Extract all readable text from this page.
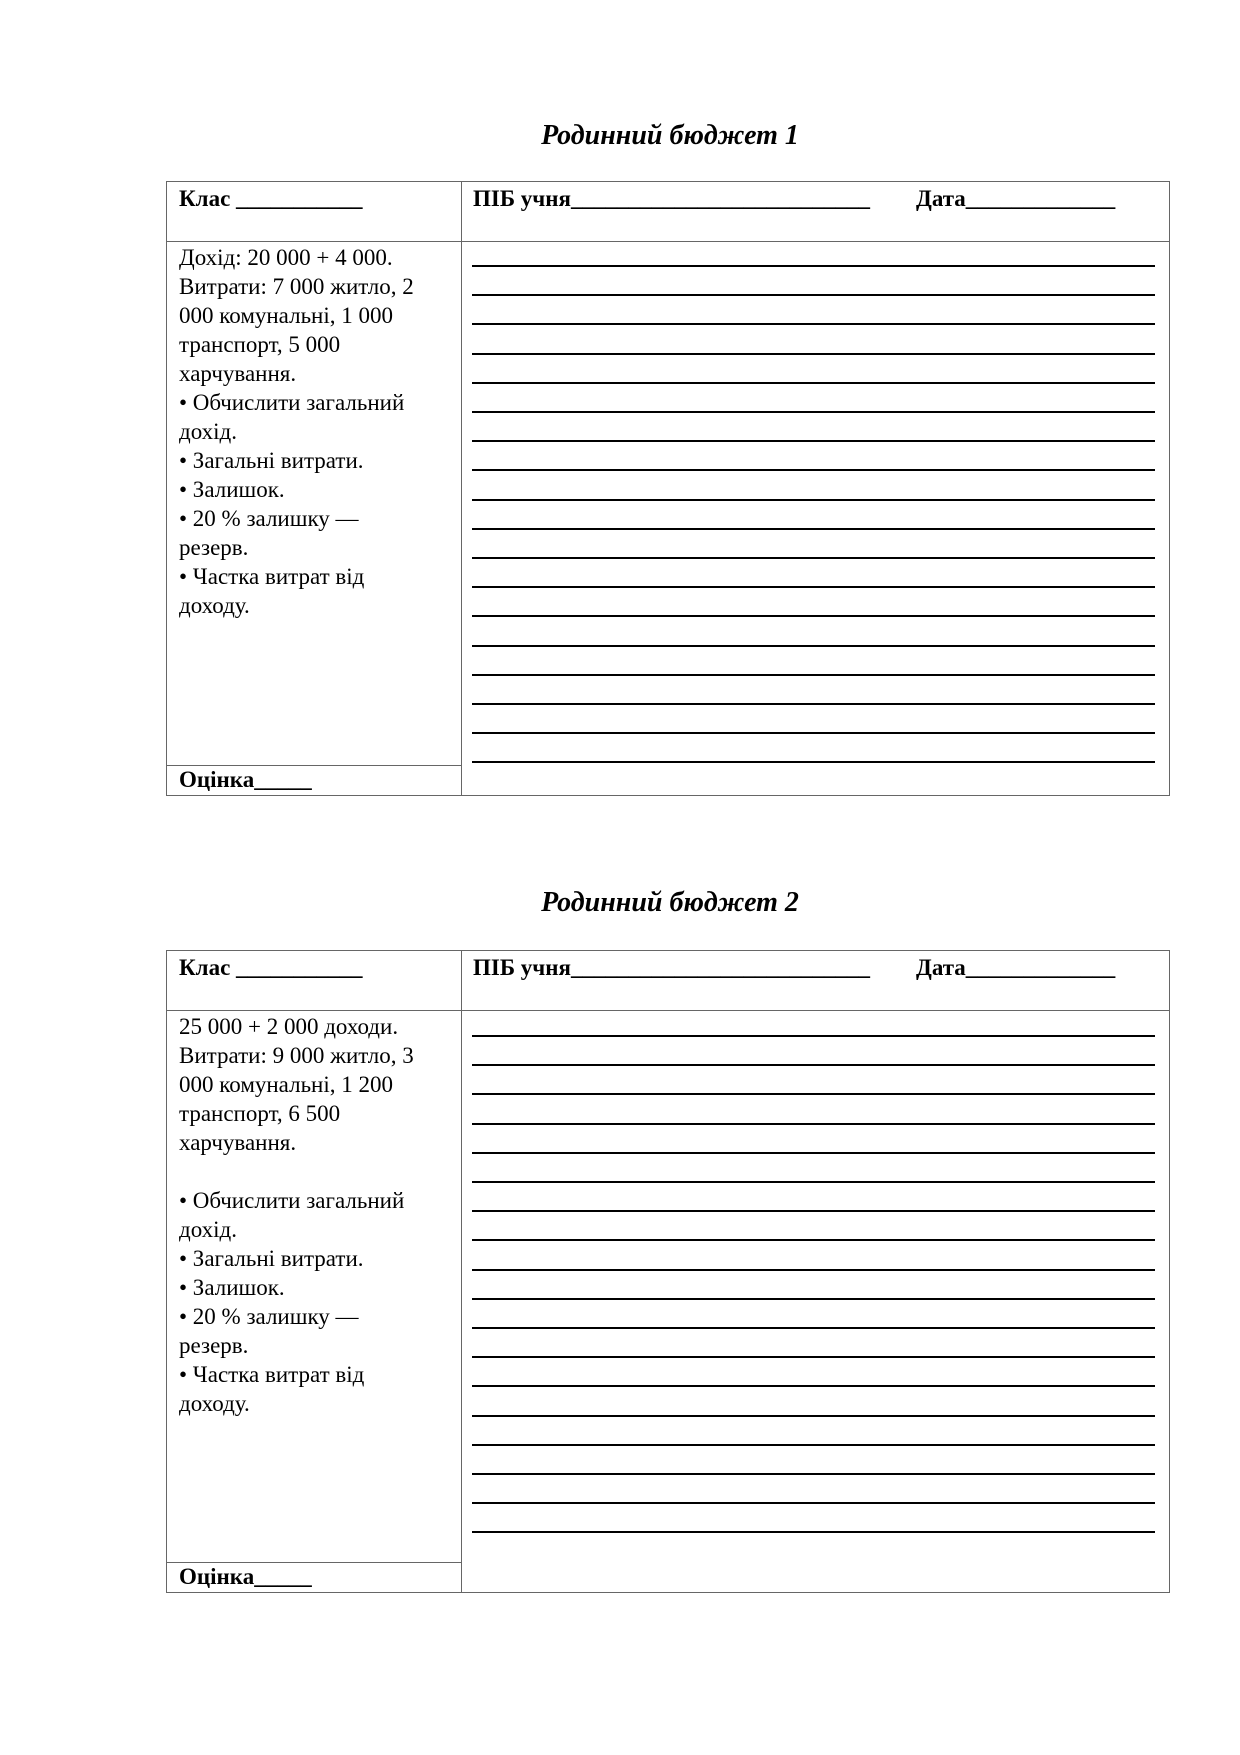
Родинний бюджет 1
Клас ___________	ПІБ учня__________________________ Дата_____________

Дохід: 20 000 + 4 000.

Витрати: 7 000 житло, 2

000 комунальні, 1 000

транспорт, 5 000

харчування.

• Обчислити загальний

дохід.

• Загальні витрати.

• Залишок.

• 20 % залишку —

резерв.

• Частка витрат від

доходу.

Оцінка_____
Родинний бюджет 2
Клас ___________	ПІБ учня__________________________ Дата_____________

25 000 + 2 000 доходи.

Витрати: 9 000 житло, 3

000 комунальні, 1 200

транспорт, 6 500

харчування.

• Обчислити загальний

дохід.

• Загальні витрати.

• Залишок.

• 20 % залишку —

резерв.

• Частка витрат від

доходу.

Оцінка_____
